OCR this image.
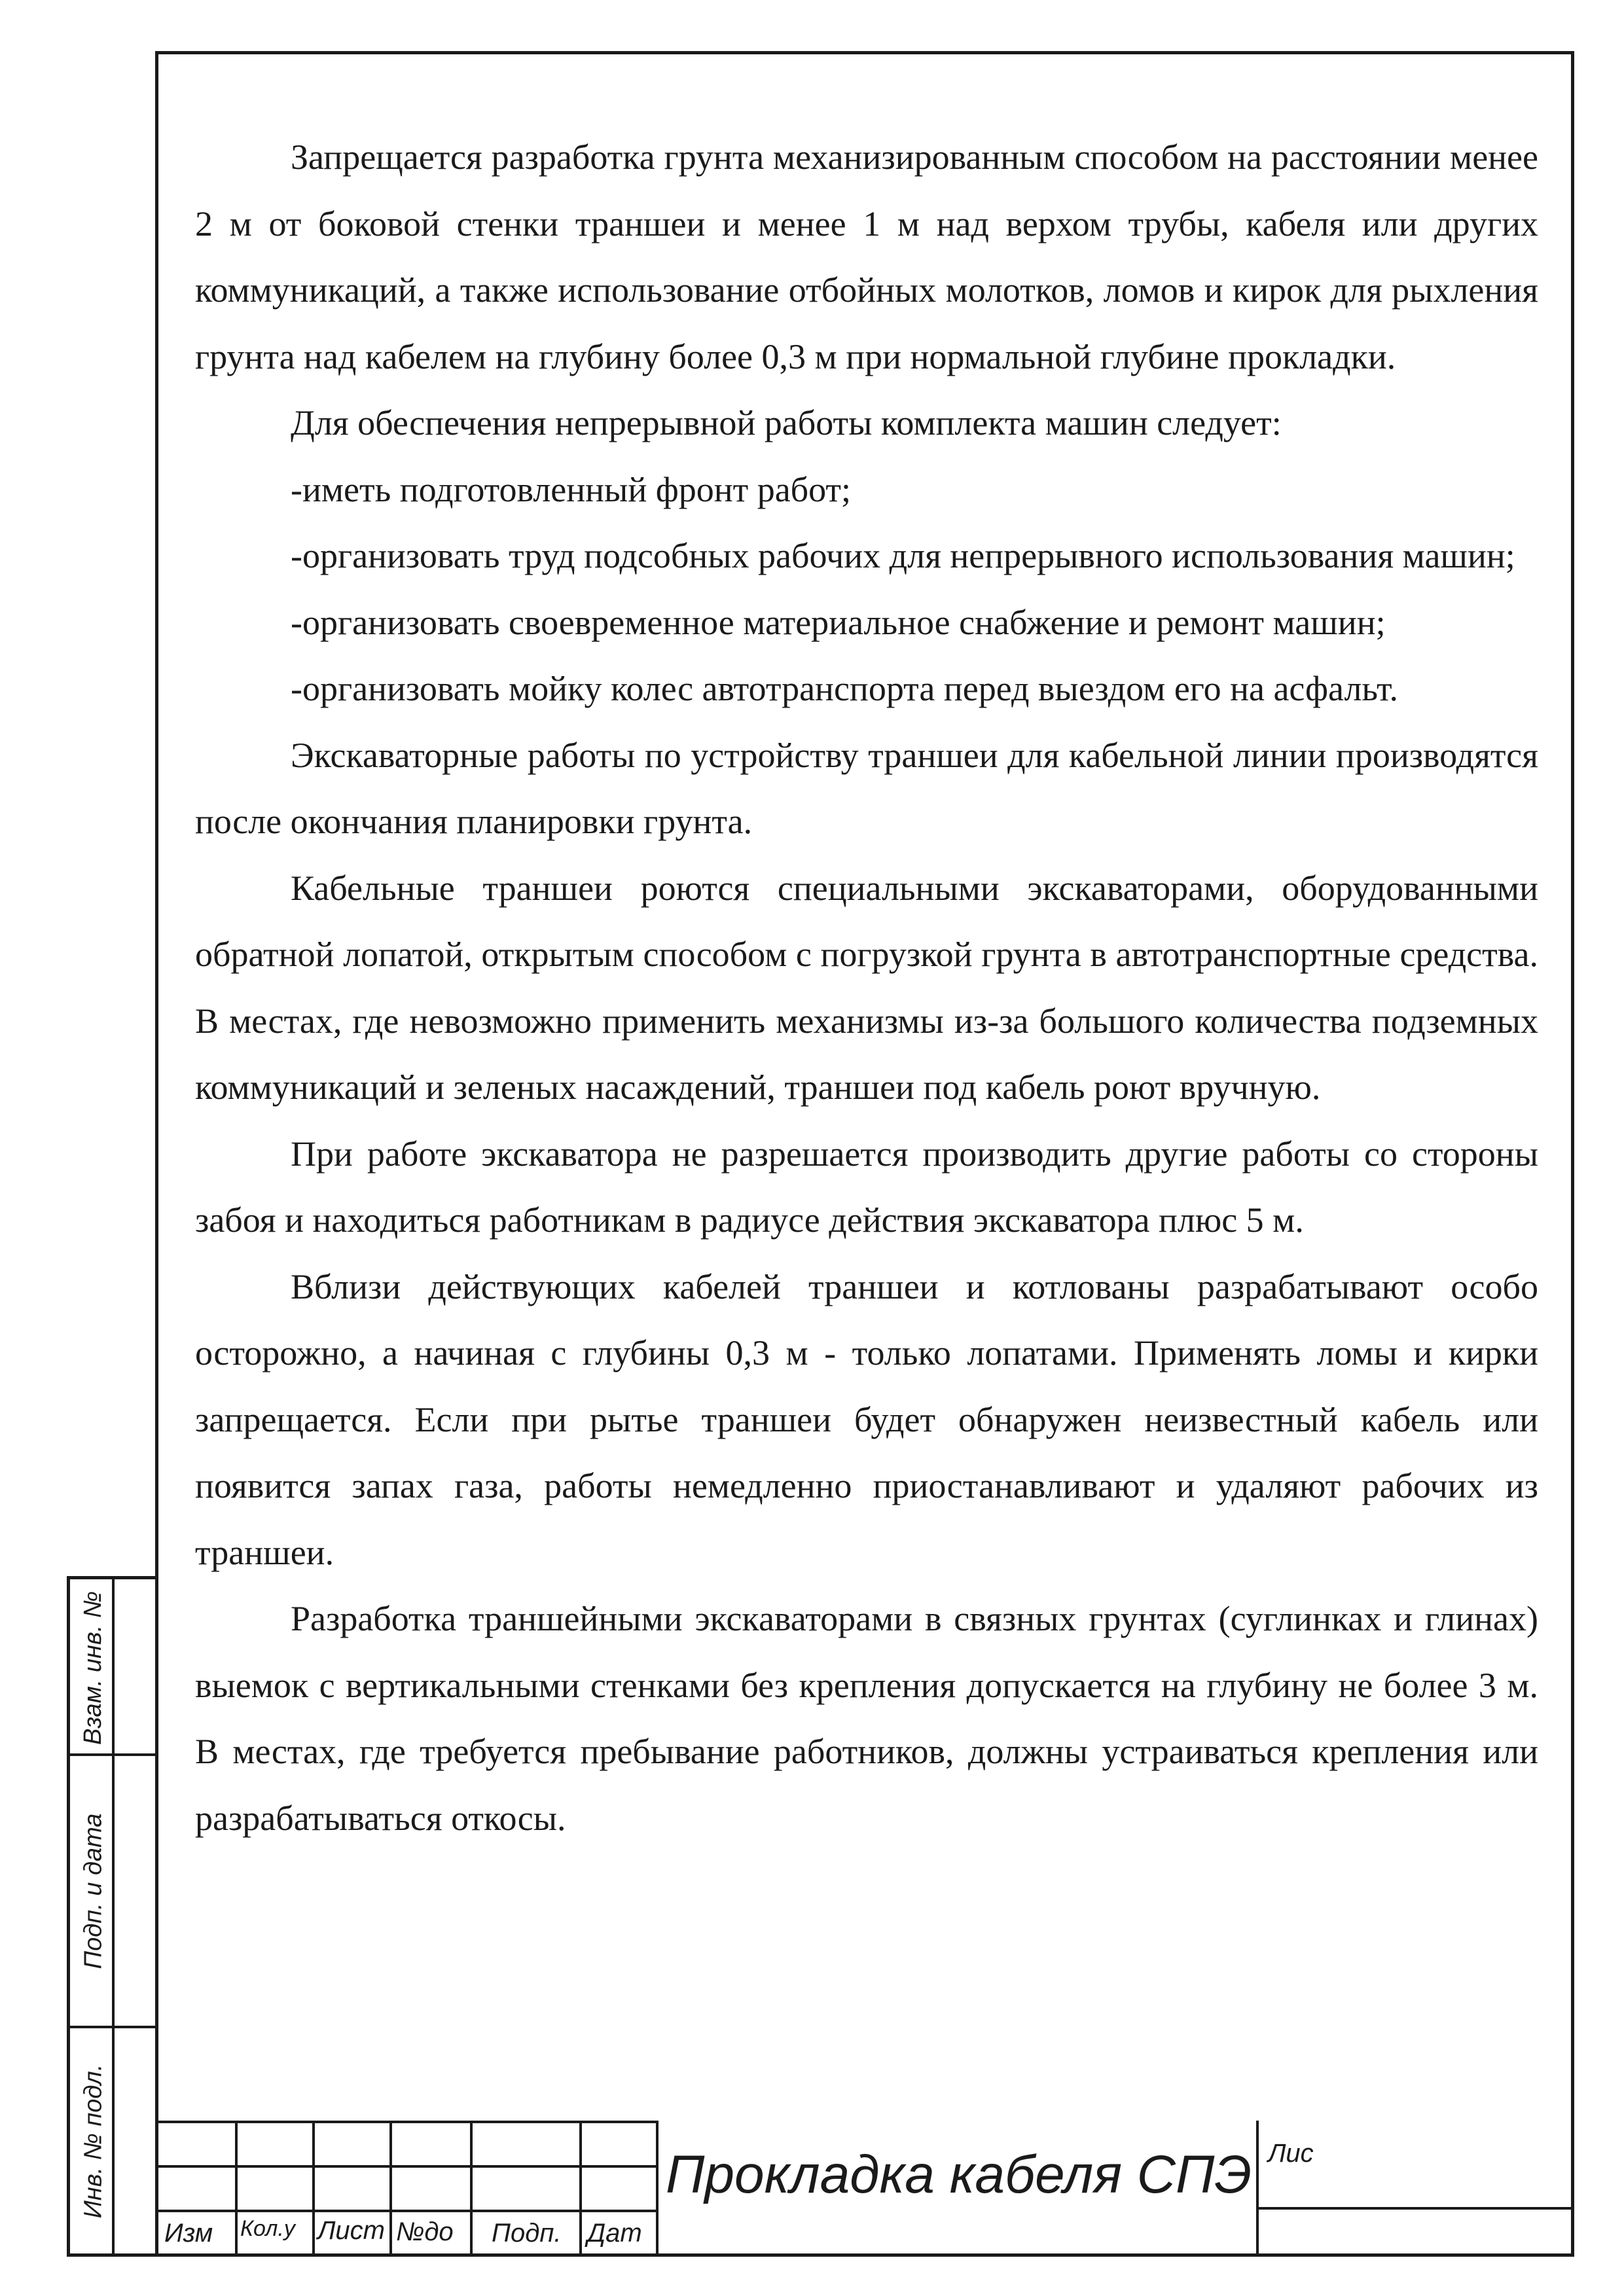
Взам. инв. №
Подп. и дата
Инв. № подл.

Запрещается разработка грунта механизированным способом на расстоянии менее 2 м от боковой стенки траншеи и менее 1 м над верхом трубы, кабеля или других коммуникаций, а также использование отбойных молотков, ломов и кирок для рыхления грунта над кабелем на глубину более 0,3 м при нормальной глубине прокладки.

Для обеспечения непрерывной работы комплекта машин следует:

-иметь подготовленный фронт работ;

-организовать труд подсобных рабочих для непрерывного использования машин;

-организовать своевременное материальное снабжение и ремонт машин;

-организовать мойку колес автотранспорта перед выездом его на асфальт.

Экскаваторные работы по устройству траншеи для кабельной линии производятся после окончания планировки грунта.

Кабельные траншеи роются специальными экскаваторами, оборудованными обратной лопатой, открытым способом с погрузкой грунта в автотранспортные средства. В местах, где невозможно применить механизмы из-за большого количества подземных коммуникаций и зеленых насаждений, траншеи под кабель роют вручную.

При работе экскаватора не разрешается производить другие работы со стороны забоя и находиться работникам в радиусе действия экскаватора плюс 5 м.

Вблизи действующих кабелей траншеи и котлованы разрабатывают особо осторожно, а начиная с глубины 0,3 м - только лопатами. Применять ломы и кирки запрещается. Если при рытье траншеи будет обнаружен неизвестный кабель или появится запах газа, работы немедленно приостанавливают и удаляют рабочих из траншеи.

Разработка траншейными экскаваторами в связных грунтах (суглинках и глинах) выемок с вертикальными стенками без крепления допускается на глубину не более 3 м. В местах, где требуется пребывание работников, должны устраиваться крепления или разрабатываться откосы.

Изм Кол.у Лист №до Подп. Дат
Прокладка кабеля СПЭ Лис
